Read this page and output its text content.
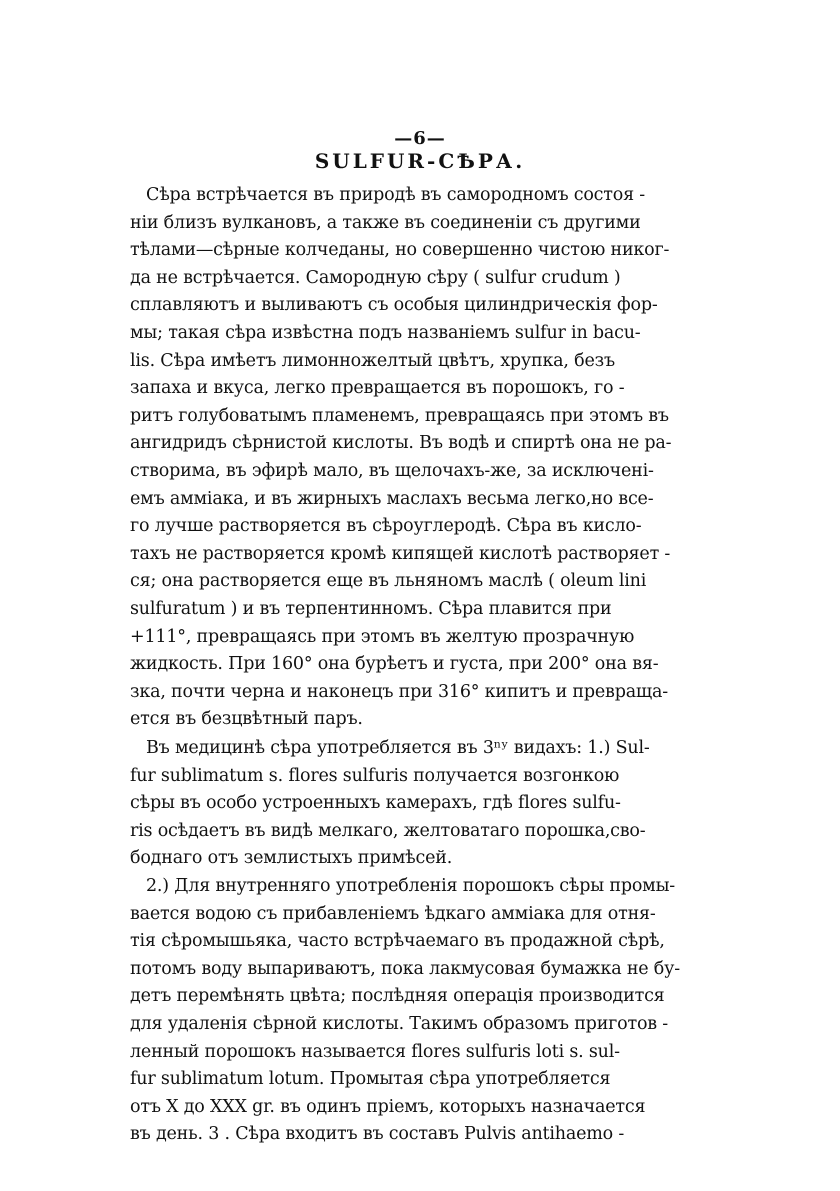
—6—
SULFUR-СѢРА.
Сѣра встрѣчается въ природѣ въ самородномъ состоя -
ніи близъ вулкановъ, а также въ соединеніи съ другими
тѣлами—сѣрные колчеданы, но совершенно чистою никог-
да не встрѣчается. Самородную сѣру ( sulfur crudum )
сплавляютъ и выливаютъ съ особыя цилиндрическія фор-
мы; такая сѣра извѣстна подъ названіемъ sulfur in bacu-
lis. Сѣра имѣетъ лимонножелтый цвѣтъ, хрупка, безъ
запаха и вкуса, легко превращается въ порошокъ, го -
ритъ голубоватымъ пламенемъ, превращаясь при этомъ въ
ангидридъ сѣрнистой кислоты. Въ водѣ и спиртѣ она не ра-
створима, въ эфирѣ мало, въ щелочахъ-же, за исключені-
емъ амміака, и въ жирныхъ маслахъ весьма легко,но все-
го лучше растворяется въ сѣроуглеродѣ. Сѣра въ кисло-
тахъ не растворяется кромѣ кипящей кислотѣ растворяет -
ся; она растворяется еще въ льняномъ маслѣ ( oleum lini
sulfuratum ) и въ терпентинномъ. Сѣра плавится при
+111°, превращаясь при этомъ въ желтую прозрачную
жидкость. При 160° она бурѣетъ и густа, при 200° она вя-
зка, почти черна и наконецъ при 316° кипитъ и превраща-
ется въ безцвѣтный паръ.
Въ медицинѣ сѣра употребляется въ 3ⁿʸ видахъ: 1.) Sul-
fur sublimatum s. flores sulfuris получается возгонкою
сѣры въ особо устроенныхъ камерахъ, гдѣ flores sulfu-
ris осѣдаетъ въ видѣ мелкаго, желтоватаго порошка,сво-
боднаго отъ землистыхъ примѣсей.
2.) Для внутренняго употребленія порошокъ сѣры промы-
вается водою съ прибавленіемъ ѣдкаго амміака для отня-
тія сѣромышьяка, часто встрѣчаемаго въ продажной сѣрѣ,
потомъ воду выпариваютъ, пока лакмусовая бумажка не бу-
детъ перемѣнять цвѣта; послѣдняя операція производится
для удаленія сѣрной кислоты. Такимъ образомъ приготов -
ленный порошокъ называется flores sulfuris loti s. sul-
fur sublimatum lotum. Промытая сѣра употребляется
отъ X до XXX gr. въ одинъ пріемъ, которыхъ назначается
въ день. 3 . Сѣра входитъ въ составъ Pulvis antihaemo -
